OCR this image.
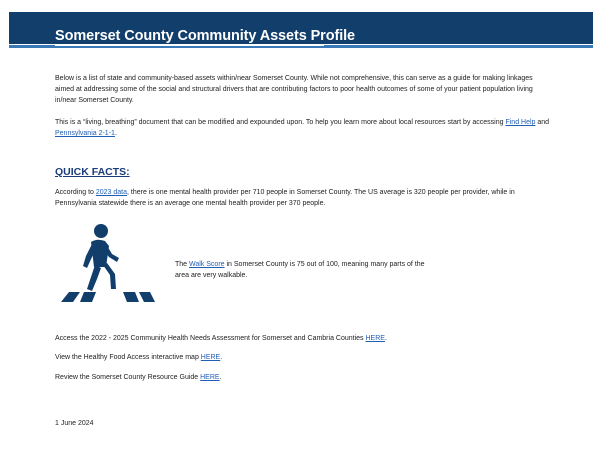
Somerset County Community Assets Profile

Below is a list of state and community-based assets within/near Somerset County. While not comprehensive, this can serve as a guide for making linkages aimed at addressing some of the social and structural drivers that are contributing factors to poor health outcomes of some of your patient population living in/near Somerset County.

This is a “living, breathing” document that can be modified and expounded upon. To help you learn more about local resources start by accessing Find Help and Pennsylvania 2-1-1.

QUICK FACTS:

According to 2023 data, there is one mental health provider per 710 people in Somerset County. The US average is 320 people per provider, while in Pennsylvania statewide there is an average one mental health provider per 370 people.

The Walk Score in Somerset County is 75 out of 100, meaning many parts of the area are very walkable.

Access the 2022 - 2025 Community Health Needs Assessment for Somerset and Cambria Counties HERE.

View the Healthy Food Access interactive map HERE.

Review the Somerset County Resource Guide HERE.

1 June 2024
